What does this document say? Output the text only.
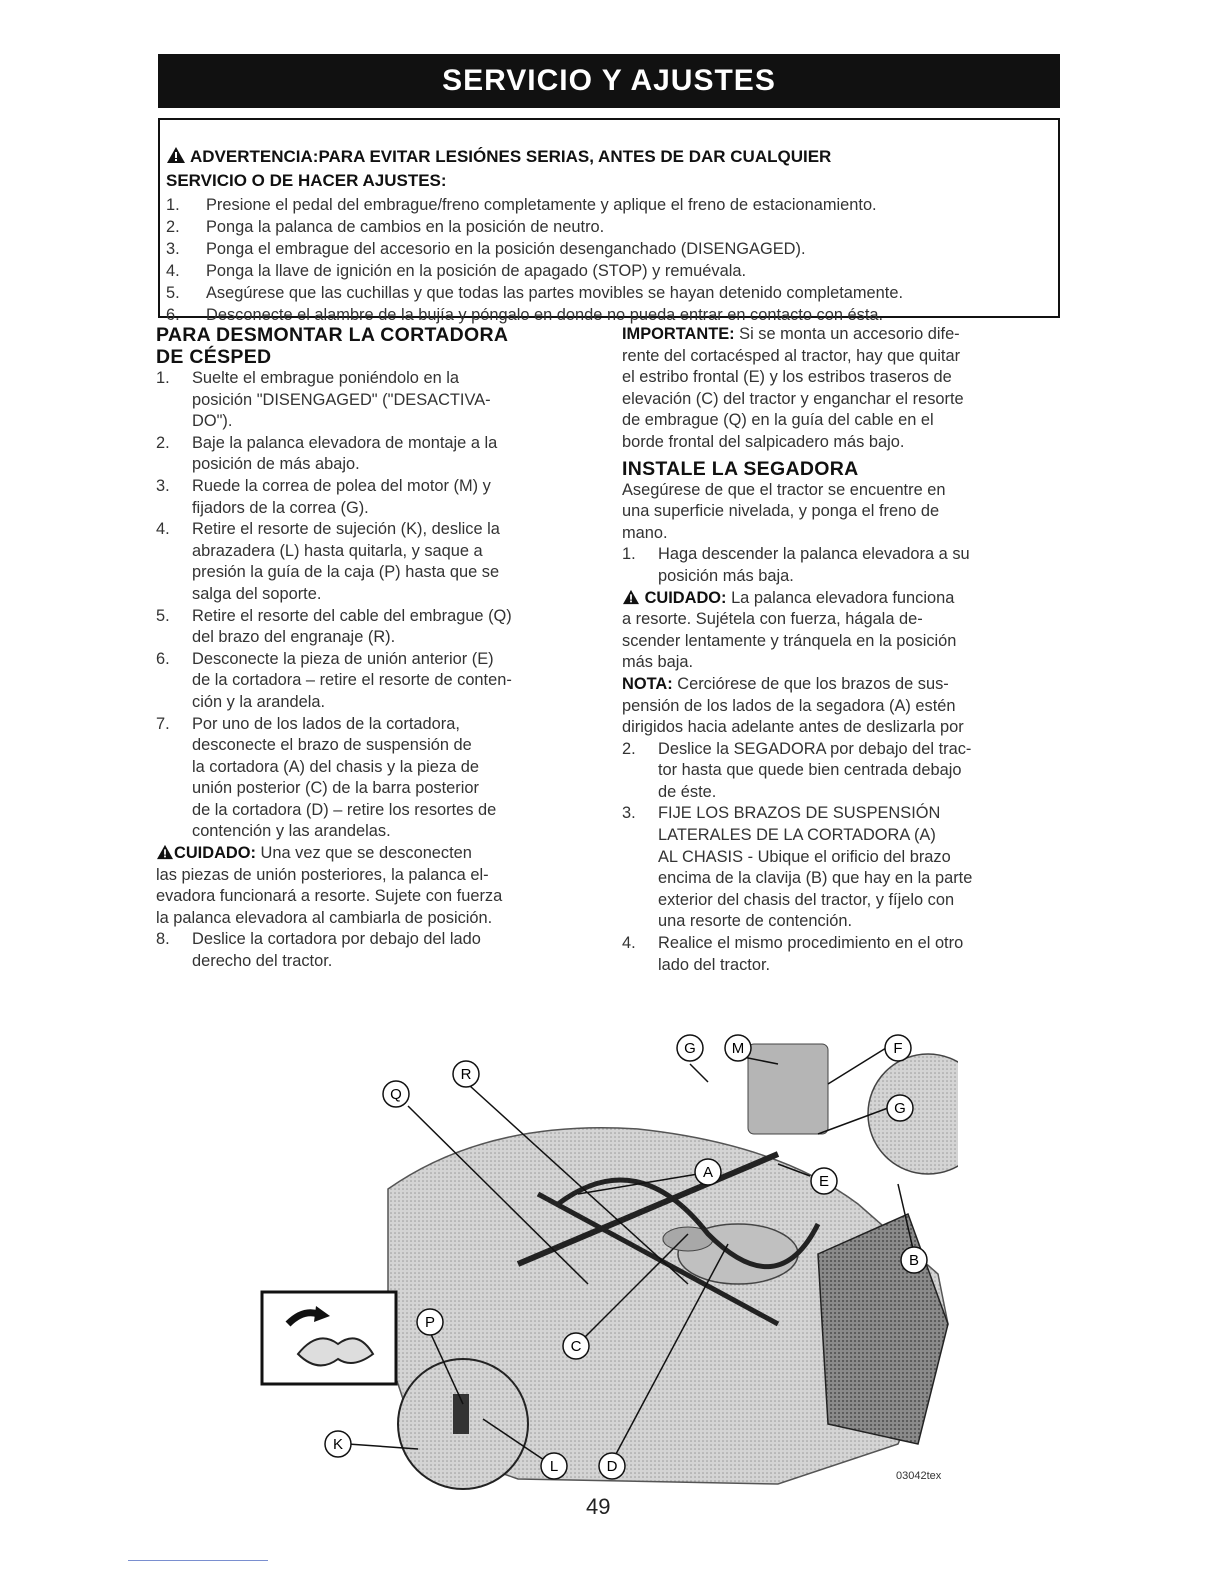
SERVICIO Y AJUSTES
ADVERTENCIA:PARA EVITAR LESIÓNES SERIAS, ANTES DE DAR CUALQUIER
SERVICIO O DE HACER AJUSTES:
1.	Presione el pedal del embrague/freno completamente y aplique el freno de estacionamiento.
2.	Ponga la palanca de cambios en la posición de neutro.
3.	Ponga el embrague del accesorio en la posición desenganchado (DISENGAGED).
4.	Ponga la llave de ignición en la posición de apagado (STOP) y remuévala.
5.	Asegúrese que las cuchillas y que todas las partes movibles se hayan detenido completamente.
6.	Desconecte el alambre de la bujía y póngalo en donde no pueda entrar en contacto con ésta.
PARA DESMONTAR LA CORTADORA
DE CÉSPED
1.	Suelte el embrague poniéndolo en la
posición "DISENGAGED" ("DESACTIVA-
DO").
2.	Baje la palanca elevadora de montaje a la
posición de más abajo.
3.	Ruede la correa de polea del motor (M) y
fijadors de la correa (G).
4.	Retire el resorte de sujeción (K), deslice la
abrazadera (L) hasta quitarla, y saque a
presión la guía de la caja (P) hasta que se
salga del soporte.
5.	Retire el resorte del cable del embrague (Q)
del brazo del engranaje (R).
6.	Desconecte la pieza de unión anterior (E)
de la cortadora – retire el resorte de conten-
ción y la arandela.
7.	Por uno de los lados de la cortadora,
desconecte el brazo de suspensión de
la cortadora (A) del chasis y la pieza de
unión posterior (C) de la barra posterior
de la cortadora (D) – retire los resortes de
contención y las arandelas.
CUIDADO: Una vez que se desconecten
las piezas de unión posteriores, la palanca el-
evadora funcionará a resorte. Sujete con fuerza
la palanca elevadora al cambiarla de posición.
8.	Deslice la cortadora por debajo del lado
derecho del tractor.
IMPORTANTE: Si se monta un accesorio dife-
rente del cortacésped al tractor, hay que quitar
el estribo frontal (E) y los estribos traseros de
elevación (C) del tractor y enganchar el resorte
de embrague (Q) en la guía del cable en el
borde frontal del salpicadero más bajo.
INSTALE LA SEGADORA
Asegúrese de que el tractor se encuentre en
una superficie nivelada, y ponga el freno de
mano.
1.	Haga descender la palanca elevadora a su
posición más baja.
CUIDADO: La palanca elevadora funciona
a resorte. Sujétela con fuerza, hágala de-
scender lentamente y tránquela en la posición
más baja.
NOTA: Cerciórese de que los brazos de sus-
pensión de los lados de la segadora (A) estén
dirigidos hacia adelante antes de deslizarla por
2.	Deslice la SEGADORA por debajo del trac-
tor hasta que quede bien centrada debajo
de éste.
3.	FIJE LOS BRAZOS DE SUSPENSIÓN
LATERALES DE LA CORTADORA (A)
AL CHASIS - Ubique el orificio del brazo
encima de la clavija (B) que hay en la parte
exterior del chasis del tractor, y fíjelo con
una resorte de contención.
4.	Realice el mismo procedimiento en el otro
lado del tractor.
G M	F
Q
R
G
E
A
B
P
C
K
L	D
03042tex
49
